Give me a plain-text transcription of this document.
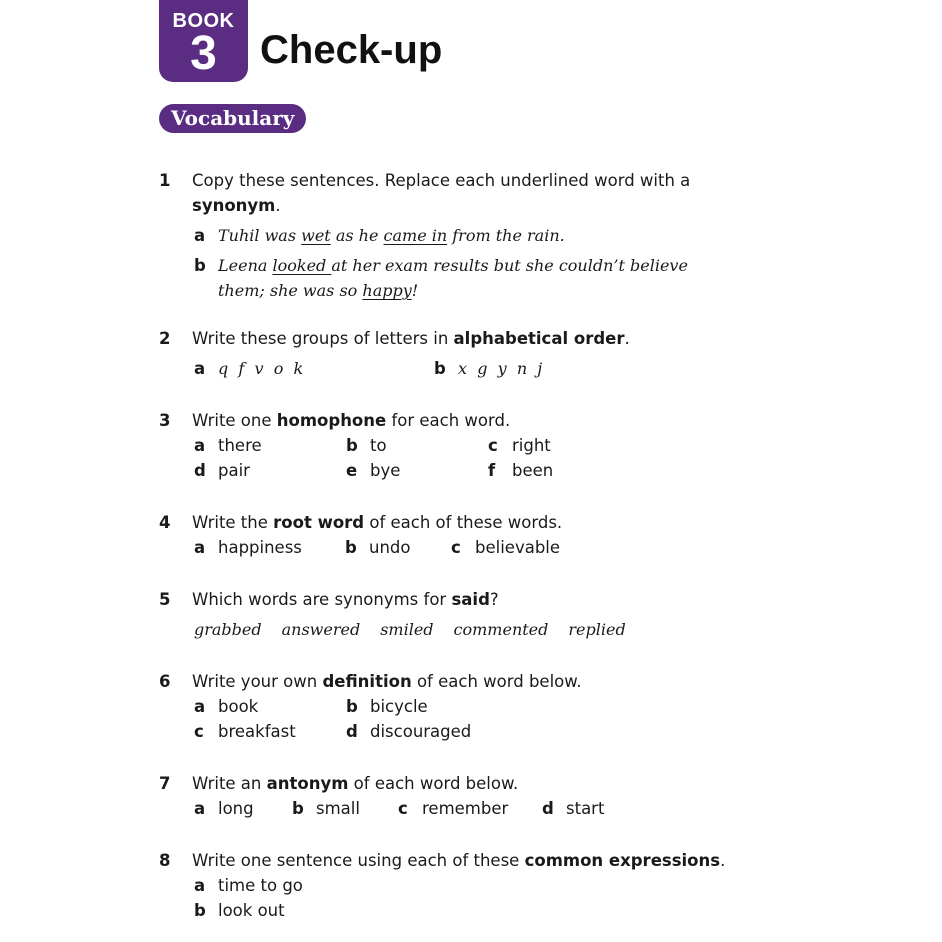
BOOK
3	Check-up
Vocabulary
1	Copy these sentences. Replace each underlined word with a
synonym .
a Tuhil was wet as he came in from the rain.
b Leena looked at her exam results but she couldn’t believe
them; she was so happy!
2	Write these groups of letters in alphabetical order.
a q  f  v  o  k	b x  g  y  n  j
3	Write one homophone for each word.
a there	b to	c right
d pair	e bye	f	been
4	Write the root word of each of these words.
a happiness	b undo c believable
5	Which words are synonyms for said?
grabbed answered smiled commented replied
6	Write your own definition of each word below.
a book	b bicycle
c breakfast	d discouraged
7	Write an antonym of each word below.
a long b small c remember d start
8	Write one sentence using each of these common expressions.
a time to go
b look out
